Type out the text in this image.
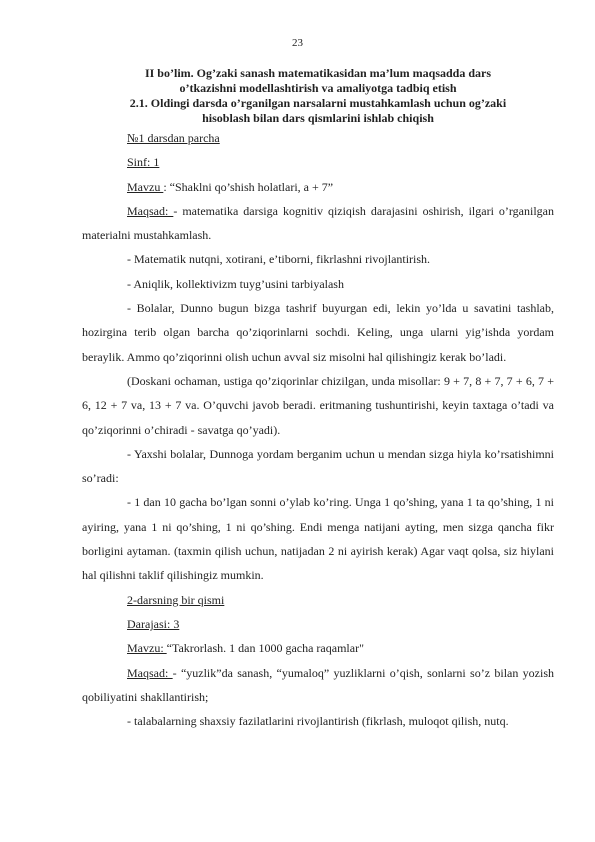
23
II bo’lim. Og’zaki sanash matematikasidan ma’lum maqsadda dars
o’tkazishni modellashtirish va amaliyotga tadbiq etish
2.1. Oldingi darsda o’rganilgan narsalarni mustahkamlash uchun og’zaki
hisoblash bilan dars qismlarini ishlab chiqish

№1 darsdan parcha

Sinf: 1

Mavzu : “Shaklni qo’shish holatlari, a + 7”

Maqsad: - matematika darsiga kognitiv qiziqish darajasini oshirish, ilgari o’rganilgan materialni mustahkamlash.

- Matematik nutqni, xotirani, e’tiborni, fikrlashni rivojlantirish.

- Aniqlik, kollektivizm tuyg’usini tarbiyalash

- Bolalar, Dunno bugun bizga tashrif buyurgan edi, lekin yo’lda u savatini tashlab, hozirgina terib olgan barcha qo’ziqorinlarni sochdi. Keling, unga ularni yig’ishda yordam beraylik. Ammo qo’ziqorinni olish uchun avval siz misolni hal qilishingiz kerak bo’ladi.

(Doskani ochaman, ustiga qo’ziqorinlar chizilgan, unda misollar: 9 + 7, 8 + 7, 7 + 6, 7 + 6, 12 + 7 va, 13 + 7 va. O’quvchi javob beradi. eritmaning tushuntirishi, keyin taxtaga o’tadi va qo’ziqorinni o’chiradi - savatga qo’yadi).

- Yaxshi bolalar, Dunnoga yordam berganim uchun u mendan sizga hiyla ko’rsatishimni so’radi:

- 1 dan 10 gacha bo’lgan sonni o’ylab ko’ring. Unga 1 qo’shing, yana 1 ta qo’shing, 1 ni ayiring, yana 1 ni qo’shing, 1 ni qo’shing. Endi menga natijani ayting, men sizga qancha fikr borligini aytaman. (taxmin qilish uchun, natijadan 2 ni ayirish kerak) Agar vaqt qolsa, siz hiylani hal qilishni taklif qilishingiz mumkin.

2-darsning bir qismi

Darajasi: 3

Mavzu: “Takrorlash. 1 dan 1000 gacha raqamlar"

Maqsad: - “yuzlik”da sanash, “yumaloq” yuzliklarni o’qish, sonlarni so’z bilan yozish qobiliyatini shakllantirish;

- talabalarning shaxsiy fazilatlarini rivojlantirish (fikrlash, muloqot qilish, nutq.
